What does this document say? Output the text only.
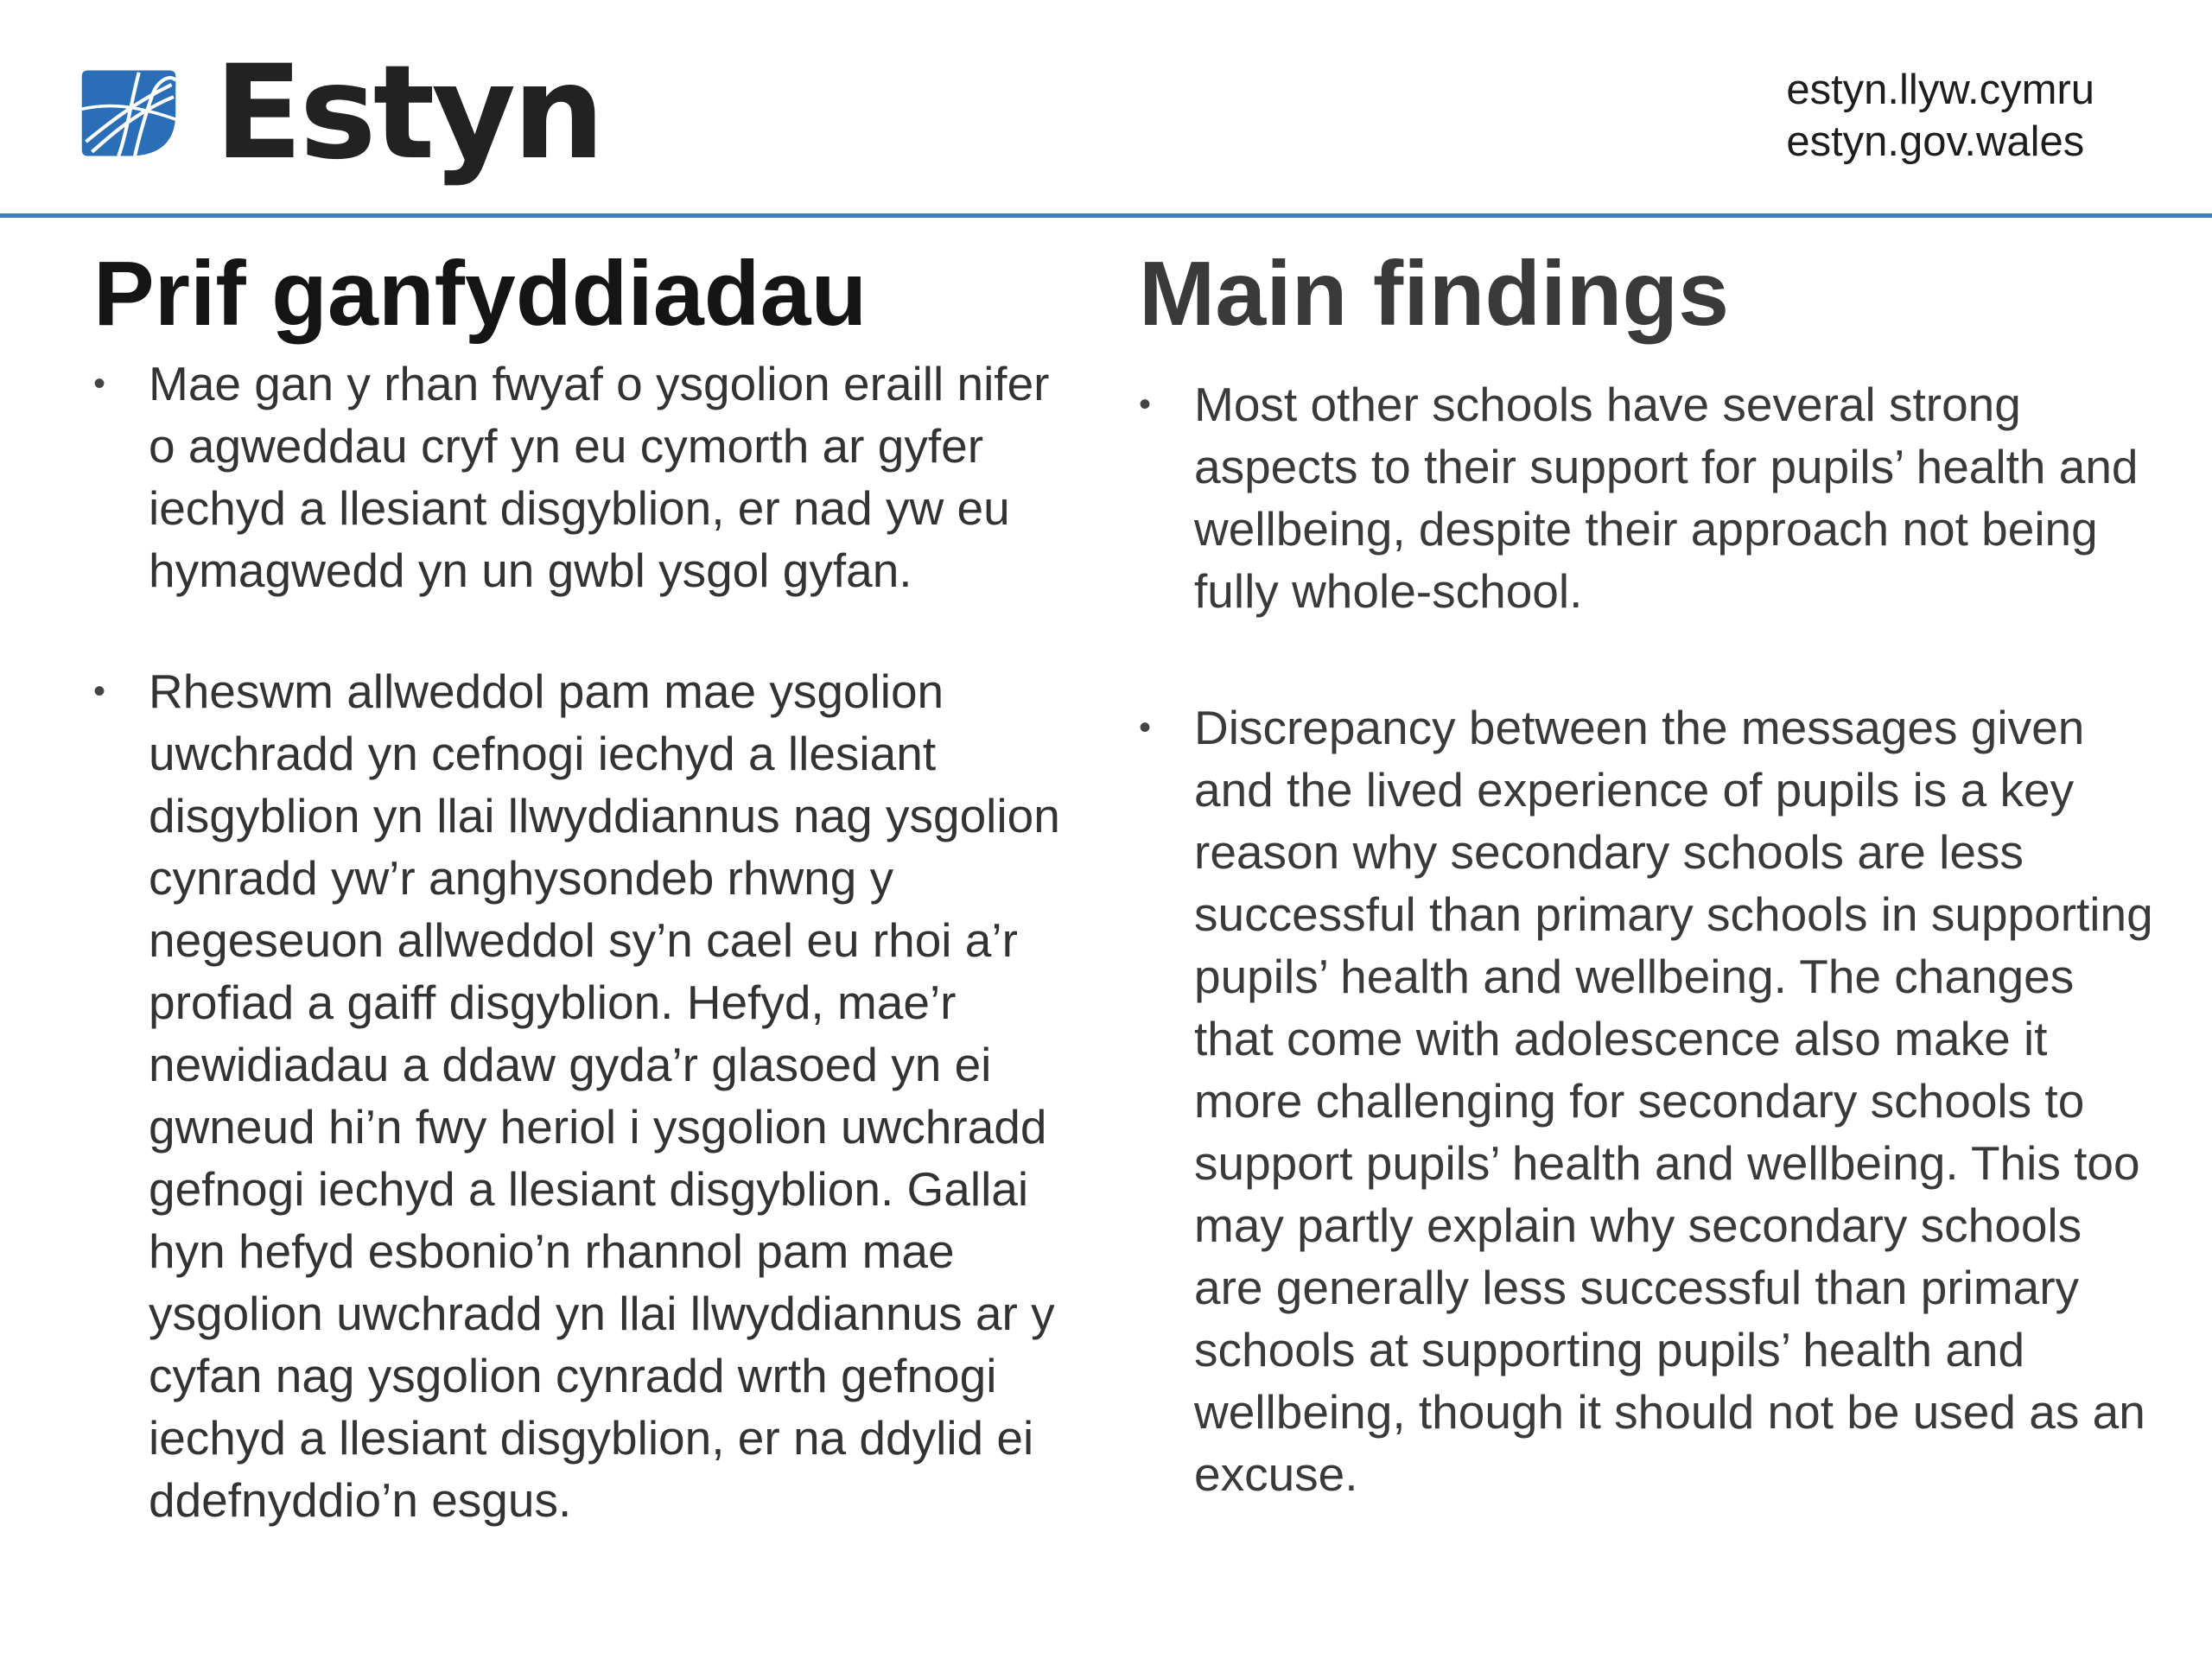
Estyn	estyn.llyw.cymru
estyn.gov.wales
Prif ganfyddiadau
• Mae gan y rhan fwyaf o ysgolion eraill nifer o agweddau cryf yn eu cymorth ar gyfer iechyd a llesiant disgyblion, er nad yw eu hymagwedd yn un gwbl ysgol gyfan.
• Rheswm allweddol pam mae ysgolion uwchradd yn cefnogi iechyd a llesiant disgyblion yn llai llwyddiannus nag ysgolion cynradd yw’r anghysondeb rhwng y negeseuon allweddol sy’n cael eu rhoi a’r profiad a gaiff disgyblion. Hefyd, mae’r newidiadau a ddaw gyda’r glasoed yn ei gwneud hi’n fwy heriol i ysgolion uwchradd gefnogi iechyd a llesiant disgyblion. Gallai hyn hefyd esbonio’n rhannol pam mae ysgolion uwchradd yn llai llwyddiannus ar y cyfan nag ysgolion cynradd wrth gefnogi iechyd a llesiant disgyblion, er na ddylid ei ddefnyddio’n esgus.
Main findings
• Most other schools have several strong aspects to their support for pupils’ health and wellbeing, despite their approach not being fully whole-school.
• Discrepancy between the messages given and the lived experience of pupils is a key reason why secondary schools are less successful than primary schools in supporting pupils’ health and wellbeing. The changes that come with adolescence also make it more challenging for secondary schools to support pupils’ health and wellbeing. This too may partly explain why secondary schools are generally less successful than primary schools at supporting pupils’ health and wellbeing, though it should not be used as an excuse.
